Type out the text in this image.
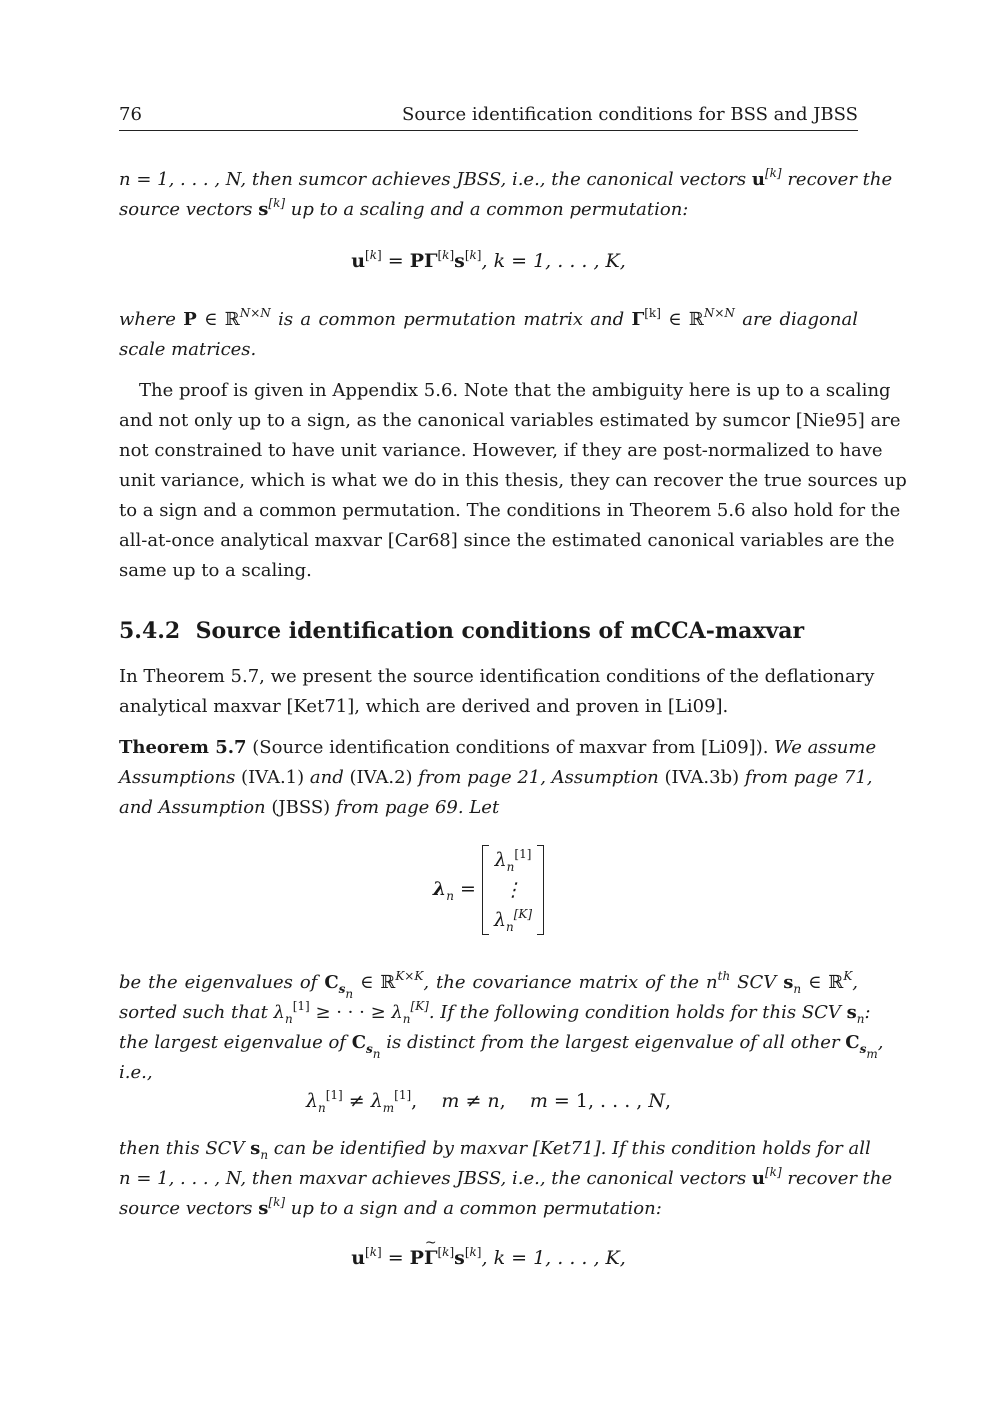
76	Source identification conditions for BSS and JBSS
n = 1, . . . , N, then sumcor achieves JBSS, i.e., the canonical vectors u[k] recover the
source vectors s[k] up to a scaling and a common permutation:
u[k] = PΓ[k]s[k], k = 1, . . . , K,
where P ∈ ℝ$^{N\times N}$ is a common permutation matrix and Γ[k] ∈ ℝ$^{N\times N}$ are diagonal
scale matrices.
The proof is given in Appendix 5.6. Note that the ambiguity here is up to a scaling
and not only up to a sign, as the canonical variables estimated by sumcor [Nie95] are
not constrained to have unit variance. However, if they are post-normalized to have
unit variance, which is what we do in this thesis, they can recover the true sources up
to a sign and a common permutation. The conditions in Theorem 5.6 also hold for the
all-at-once analytical maxvar [Car68] since the estimated canonical variables are the
same up to a scaling.
5.4.2 Source identification conditions of mCCA-maxvar
In Theorem 5.7, we present the source identification conditions of the deflationary
analytical maxvar [Ket71], which are derived and proven in [Li09].
Theorem 5.7 (Source identification conditions of maxvar from [Li09]). We assume
Assumptions (IVA.1) and (IVA.2) from page 21, Assumption (IVA.3b) from page 71,
and Assumption (JBSS) from page 69. Let
$\lambda_n$ =
$\lambda_n[1]$
⋮
$\lambda_n[K]$
be the eigenvalues of $C_{s_n}$ ∈ ℝ$^{K\times K}$, the covariance matrix of the $n^{th}$ SCV $s_n$ ∈ ℝ$^K$,
sorted such that $\lambda_n[1]$ ≥ · · · ≥ $\lambda_n[K]$. If the following condition holds for this SCV $s_n$:
the largest eigenvalue of $C_{s_n}$ is distinct from the largest eigenvalue of all other $C_{s_m}$,
i.e.,
$\lambda_n[1] \ne \lambda_m[1]$,    m ≠ n,    m = 1, . . . , N,
then this SCV $s_n$ can be identified by maxvar [Ket71]. If this condition holds for all
n = 1, . . . , N, then maxvar achieves JBSS, i.e., the canonical vectors u[k] recover the
source vectors s[k] up to a sign and a common permutation:
u[k] = PΓ
~
[k]s[k], k = 1, . . . , K,
